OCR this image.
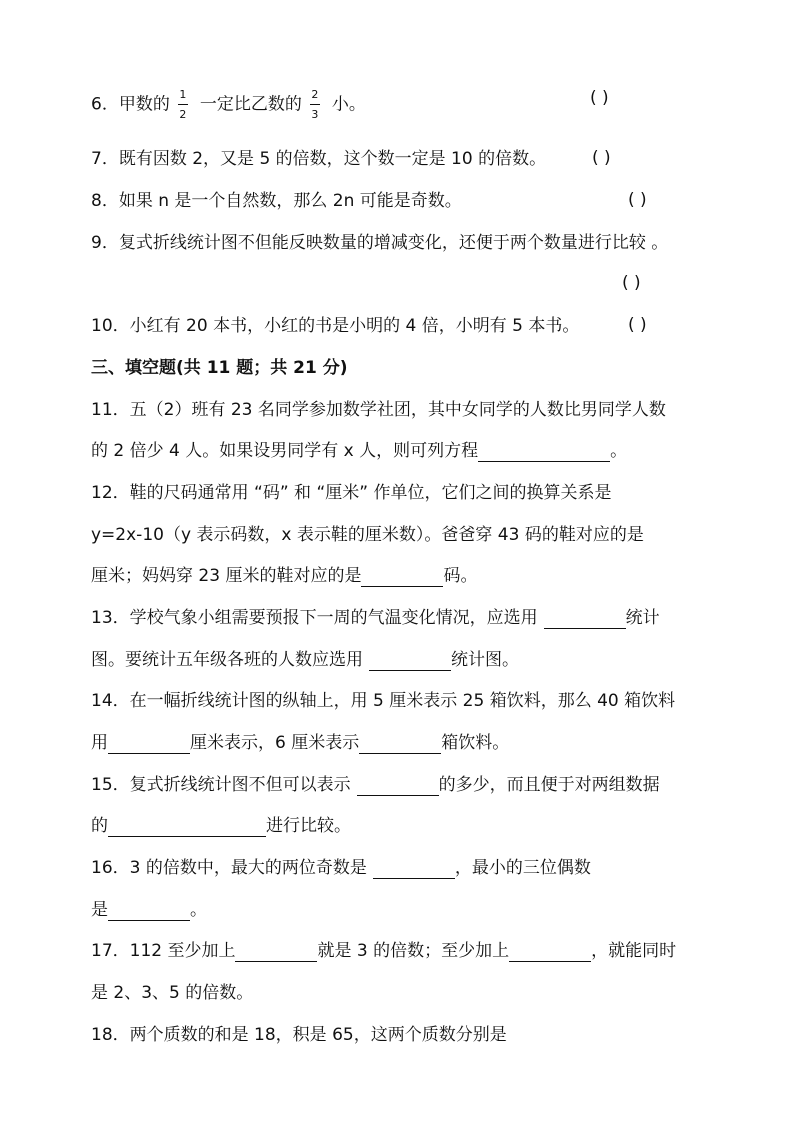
6．甲数的 $\frac{1}{2}$ 一定比乙数的 $\frac{2}{3}$ 小。	( )
7．既有因数 2，又是 5 的倍数，这个数一定是 10 的倍数。	( )
8．如果 n 是一个自然数，那么 2n 可能是奇数。	( )
9．复式折线统计图不但能反映数量的增减变化，还便于两个数量进行比较 。
( )
10．小红有 20 本书，小红的书是小明的 4 倍，小明有 5 本书。	( )
三、填空题(共 11 题；共 21 分)
11．五（2）班有 23 名同学参加数学社团，其中女同学的人数比男同学人数
的 2 倍少 4 人。如果设男同学有 x 人，则可列方程	。
12．鞋的尺码通常用 “码” 和 “厘米” 作单位，它们之间的换算关系是
y=2x-10（y 表示码数，x 表示鞋的厘米数）。爸爸穿 43 码的鞋对应的是
厘米；妈妈穿 23 厘米的鞋对应的是	码。
13．学校气象小组需要预报下一周的气温变化情况，应选用	统计
图。要统计五年级各班的人数应选用	统计图。
14．在一幅折线统计图的纵轴上，用 5 厘米表示 25 箱饮料，那么 40 箱饮料
用	厘米表示，6 厘米表示	箱饮料。
15．复式折线统计图不但可以表示	的多少，而且便于对两组数据
的	进行比较。
16．3 的倍数中，最大的两位奇数是	，最小的三位偶数
是	。
17．112 至少加上	就是 3 的倍数；至少加上	，就能同时
是 2、3、5 的倍数。
18．两个质数的和是 18，积是 65，这两个质数分别是
